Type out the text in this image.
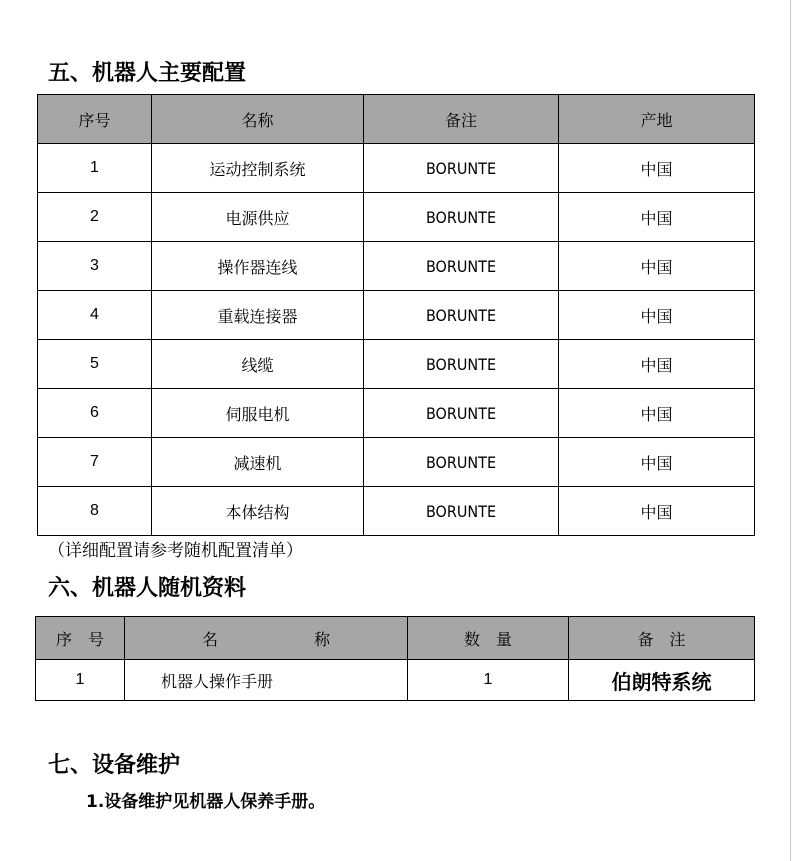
五、机器人主要配置
序号	名称	备注	产地
1	运动控制系统	BORUNTE	中国
2	电源供应	BORUNTE	中国
3	操作器连线	BORUNTE	中国
4	重载连接器	BORUNTE	中国
5	线缆	BORUNTE	中国
6	伺服电机	BORUNTE	中国
7	减速机	BORUNTE	中国
8	本体结构	BORUNTE	中国
（详细配置请参考随机配置清单）
六、机器人随机资料
序　号	名　　　　　　称	数　量	备　注
1	机器人操作手册	1	伯朗特系统
七、设备维护
1.设备维护见机器人保养手册。
